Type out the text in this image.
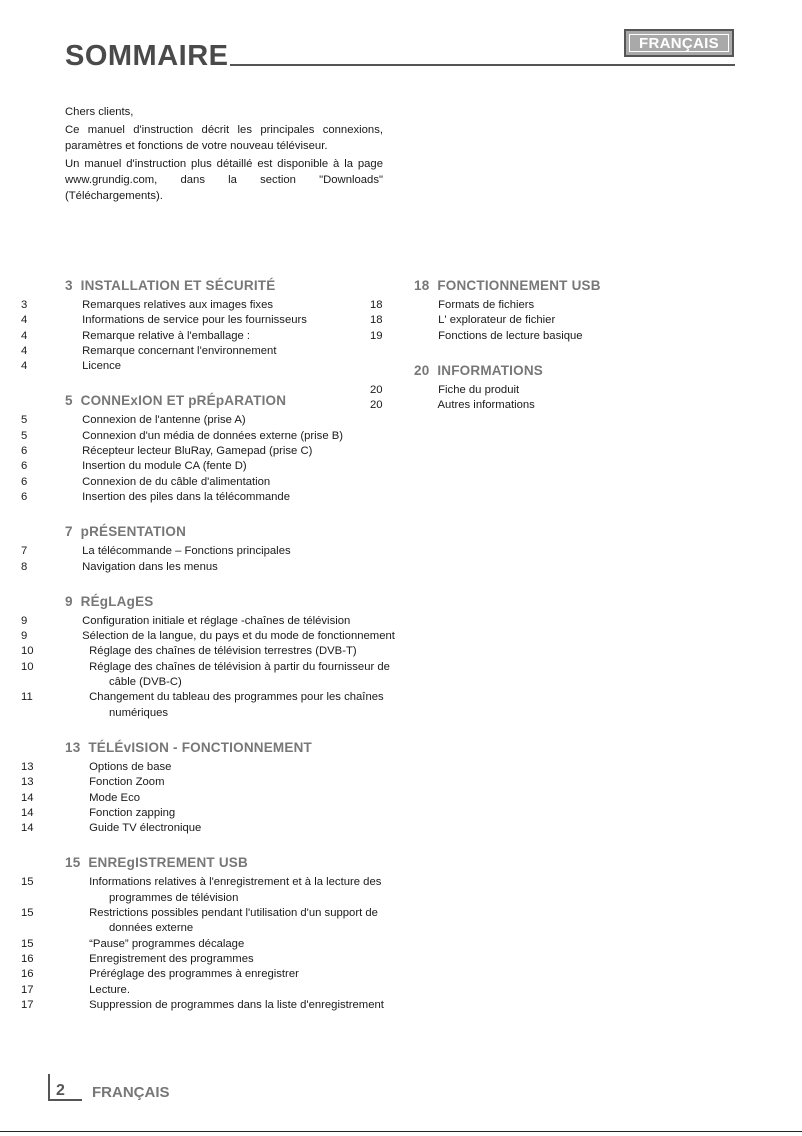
FRANÇAIS
SOMMAIRE

Chers clients,

Ce manuel d'instruction décrit les principales connexions, paramètres et fonctions de votre nouveau téléviseur.

Un manuel d'instruction plus détaillé est disponible à la page www.grundig.com, dans la section "Downloads" (Téléchargements).

3 INSTALLATION ET SÉCURITÉ
3	Remarques relatives aux images fixes
4	Informations de service pour les fournisseurs
4	Remarque relative à l'emballage :
4	Remarque concernant l'environnement
4	Licence
5 CONNExION ET pRÉpARATION
5	Connexion de l'antenne (prise A)
5	Connexion d'un média de données externe (prise B)
6	Récepteur lecteur BluRay, Gamepad (prise C)
6	Insertion du module CA (fente D)
6	Connexion de du câble d'alimentation
6	Insertion des piles dans la télécommande
7 pRÉSENTATION
7	La télécommande – Fonctions principales
8	Navigation dans les menus
9 RÉgLAgES
9	Configuration initiale et réglage -chaînes de télévision
9	Sélection de la langue, du pays et du mode de fonctionnement
10	Réglage des chaînes de télévision terrestres (DVB-T)
10	Réglage des chaînes de télévision à partir du fournisseur de câble (DVB-C)
11	Changement du tableau des programmes pour les chaînes numériques
13 TÉLÉvISION - FONCTIONNEMENT
13	Options de base
13	Fonction Zoom
14	Mode Eco
14	Fonction zapping
14	Guide TV électronique
15 ENREgISTREMENT USB
15	Informations relatives à l'enregistrement et à la lecture des programmes de télévision
15	Restrictions possibles pendant l'utilisation d'un support de données externe
15	“Pause” programmes décalage
16	Enregistrement des programmes
16	Préréglage des programmes à enregistrer
17	Lecture.
17	Suppression de programmes dans la liste d'enregistrement
18 FONCTIONNEMENT USB
18	Formats de fichiers
18	L' explorateur de fichier
19	Fonctions de lecture basique
20 INFORMATIONS
20	Fiche du produit
20	Autres informations
2 FRANÇAIS
